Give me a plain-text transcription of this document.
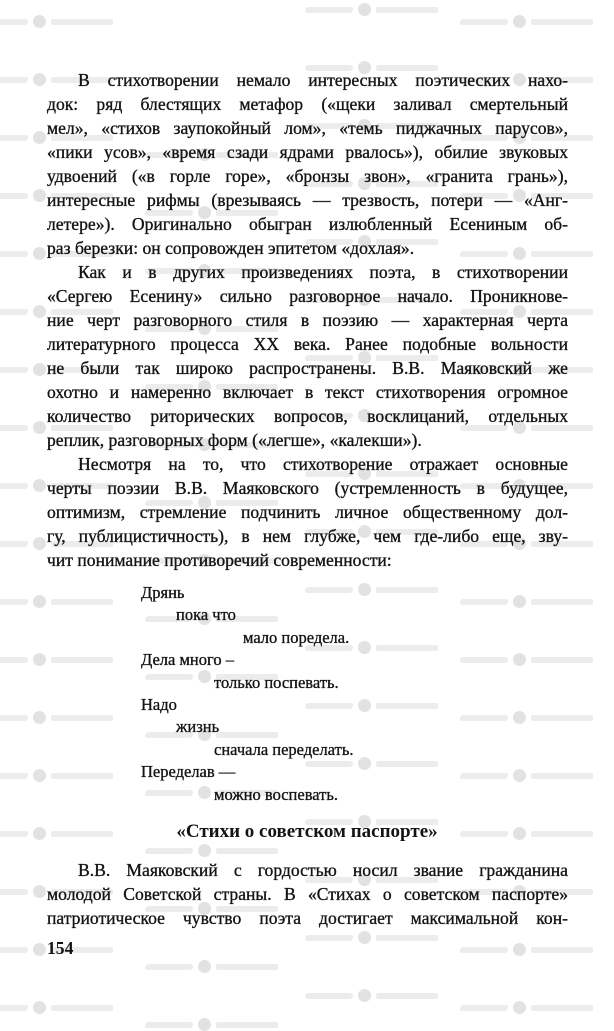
В стихотворении немало интересных поэтических нахо-
док: ряд блестящих метафор («щеки заливал смертельный
мел», «стихов заупокойный лом», «темь пиджачных парусов»,
«пики усов», «время сзади ядрами рвалось»), обилие звуковых
удвоений («в горле горе», «бронзы звон», «гранита грань»),
интересные рифмы (врезываясь — трезвость, потери — «Анг-
летере»). Оригинально обыгран излюбленный Есениным об-
раз березки: он сопровожден эпитетом «дохлая».
Как и в других произведениях поэта, в стихотворении
«Сергею Есенину» сильно разговорное начало. Проникнове-
ние черт разговорного стиля в поэзию — характерная черта
литературного процесса XX века. Ранее подобные вольности
не были так широко распространены. В.В. Маяковский же
охотно и намеренно включает в текст стихотворения огромное
количество риторических вопросов, восклицаний, отдельных
реплик, разговорных форм («легше», «калекши»).
Несмотря на то, что стихотворение отражает основные
черты поэзии В.В. Маяковского (устремленность в будущее,
оптимизм, стремление подчинить личное общественному дол-
гу, публицистичность), в нем глубже, чем где-либо еще, зву-
чит понимание противоречий современности:
Дрянь
пока что
мало поредела.
Дела много –
только поспевать.
Надо
жизнь
сначала переделать.
Переделав —
можно воспевать.
«Стихи о советском паспорте»
В.В. Маяковский с гордостью носил звание гражданина
молодой Советской страны. В «Стихах о советском паспорте»
патриотическое чувство поэта достигает максимальной кон-
154
